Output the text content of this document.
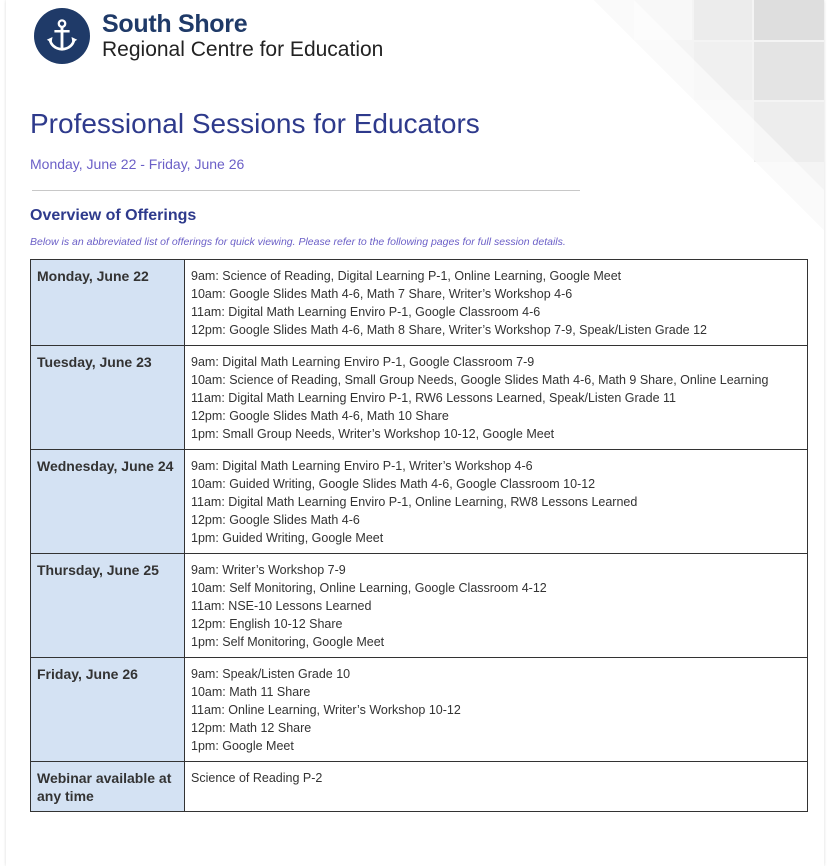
South Shore
Regional Centre for Education
Professional Sessions for Educators
Monday, June 22 - Friday, June 26
Overview of Offerings
Below is an abbreviated list of offerings for quick viewing. Please refer to the following pages for full session details.
Monday, June 22	9am: Science of Reading, Digital Learning P-1, Online Learning, Google Meet
10am: Google Slides Math 4-6, Math 7 Share, Writer’s Workshop 4-6
11am: Digital Math Learning Enviro P-1, Google Classroom 4-6
12pm: Google Slides Math 4-6, Math 8 Share, Writer’s Workshop 7-9, Speak/Listen Grade 12

Tuesday, June 23	9am: Digital Math Learning Enviro P-1, Google Classroom 7-9
10am: Science of Reading, Small Group Needs, Google Slides Math 4-6, Math 9 Share, Online Learning
11am: Digital Math Learning Enviro P-1, RW6 Lessons Learned, Speak/Listen Grade 11
12pm: Google Slides Math 4-6, Math 10 Share
1pm: Small Group Needs, Writer’s Workshop 10-12, Google Meet

Wednesday, June 24	9am: Digital Math Learning Enviro P-1, Writer’s Workshop 4-6
10am: Guided Writing, Google Slides Math 4-6, Google Classroom 10-12
11am: Digital Math Learning Enviro P-1, Online Learning, RW8 Lessons Learned
12pm: Google Slides Math 4-6
1pm: Guided Writing, Google Meet

Thursday, June 25	9am: Writer’s Workshop 7-9
10am: Self Monitoring, Online Learning, Google Classroom 4-12
11am: NSE-10 Lessons Learned
12pm: English 10-12 Share
1pm: Self Monitoring, Google Meet

Friday, June 26	9am: Speak/Listen Grade 10
10am: Math 11 Share
11am: Online Learning, Writer’s Workshop 10-12
12pm: Math 12 Share
1pm: Google Meet

Webinar available at any time	Science of Reading P-2
